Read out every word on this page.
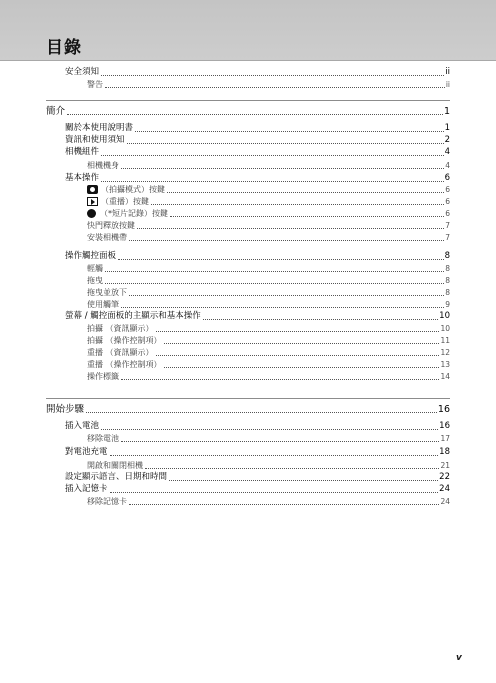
目錄
安全須知	ii
警告	ii
簡介	1
關於本使用說明書	1
資訊和使用須知	2
相機組件	4
相機機身	4
基本操作	6
（拍攝模式）按鍵	6
（重播）按鍵	6
（*短片記錄）按鍵	6
快門釋放按鍵	7
安裝相機帶	7
操作觸控面板	8
輕觸	8
拖曳	8
拖曳並放下	8
使用觸筆	9
螢幕 / 觸控面板的主顯示和基本操作	10
拍攝 （資訊顯示）	10
拍攝 （操作控制項）	11
重播 （資訊顯示）	12
重播 （操作控制項）	13
操作標籤	14
開始步驟	16
插入電池	16
移除電池	17
對電池充電	18
開啟和關閉相機	21
設定顯示語言、日期和時間	22
插入記憶卡	24
移除記憶卡	24
v
